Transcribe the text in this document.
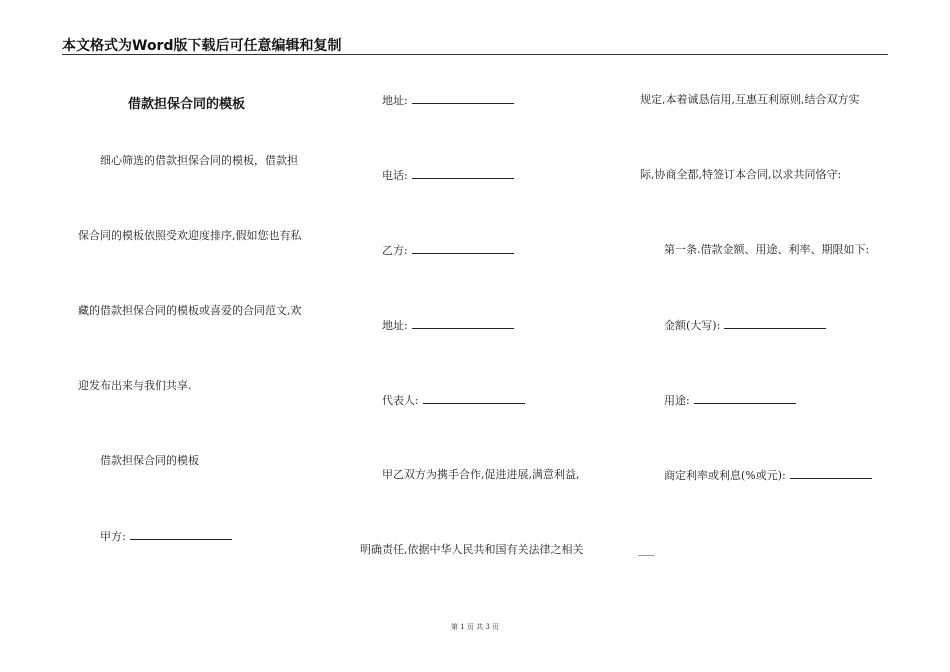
本文格式为Word版下载后可任意编辑和复制
借款担保合同的模板
细心筛选的借款担保合同的模板，借款担
保合同的模板依照受欢迎度排序,假如您也有私
藏的借款担保合同的模板或喜爱的合同范文,欢
迎发布出来与我们共享.
借款担保合同的模板
甲方:
地址:
电话:
乙方:
地址:
代表人:
甲乙双方为携手合作,促进进展,满意利益,
明确责任,依据中华人民共和国有关法律之相关
规定,本着诚恳信用,互惠互利原则,结合双方实
际,协商全都,特签订本合同,以求共同恪守:
第一条.借款金额、用途、利率、期限如下:
金额(大写):
用途:
商定利率或利息(%或元):
___
第 1 页 共 3 页
